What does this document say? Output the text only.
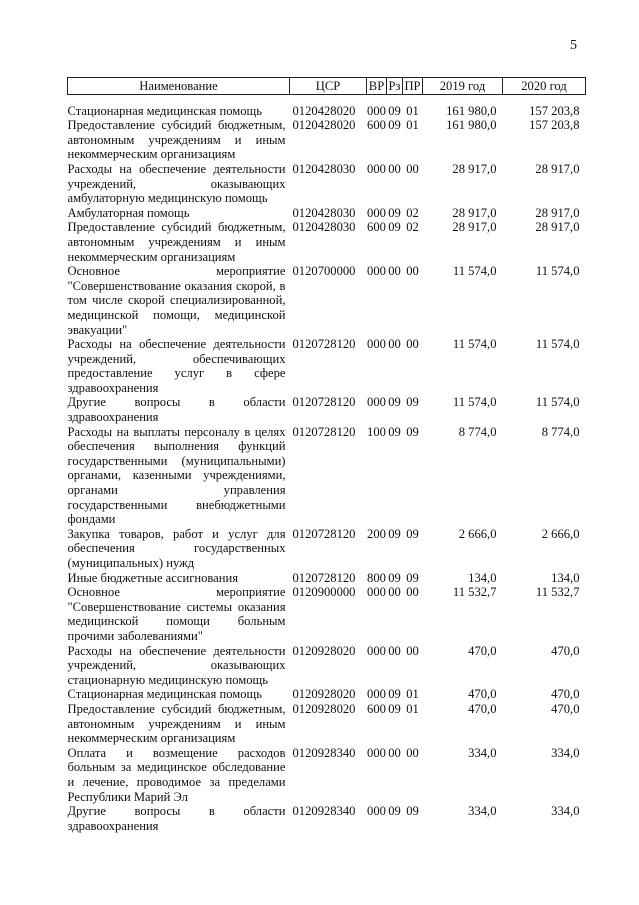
5
Наименование	ЦСР	ВР	Рз	ПР	2019 год	2020 год
Стационарная медицинская помощь	0120428020	000	09	01	161 980,0	157 203,8
Предоставление субсидий бюджетным, автономным учреждениям и иным некоммерческим организациям	0120428020	600	09	01	161 980,0	157 203,8
Расходы на обеспечение деятельности учреждений, оказывающих амбулаторную медицинскую помощь	0120428030	000	00	00	28 917,0	28 917,0
Амбулаторная помощь	0120428030	000	09	02	28 917,0	28 917,0
Предоставление субсидий бюджетным, автономным учреждениям и иным некоммерческим организациям	0120428030	600	09	02	28 917,0	28 917,0
Основное мероприятие "Совершенствование оказания скорой, в том числе скорой специализированной, медицинской помощи, медицинской эвакуации"	0120700000	000	00	00	11 574,0	11 574,0
Расходы на обеспечение деятельности учреждений, обеспечивающих предоставление услуг в сфере здравоохранения	0120728120	000	00	00	11 574,0	11 574,0
Другие вопросы в области здравоохранения	0120728120	000	09	09	11 574,0	11 574,0
Расходы на выплаты персоналу в целях обеспечения выполнения функций государственными (муниципальными) органами, казенными учреждениями, органами управления государственными внебюджетными фондами	0120728120	100	09	09	8 774,0	8 774,0
Закупка товаров, работ и услуг для обеспечения государственных (муниципальных) нужд	0120728120	200	09	09	2 666,0	2 666,0
Иные бюджетные ассигнования	0120728120	800	09	09	134,0	134,0
Основное мероприятие "Совершенствование системы оказания медицинской помощи больным прочими заболеваниями"	0120900000	000	00	00	11 532,7	11 532,7
Расходы на обеспечение деятельности учреждений, оказывающих стационарную медицинскую помощь	0120928020	000	00	00	470,0	470,0
Стационарная медицинская помощь	0120928020	000	09	01	470,0	470,0
Предоставление субсидий бюджетным, автономным учреждениям и иным некоммерческим организациям	0120928020	600	09	01	470,0	470,0
Оплата и возмещение расходов больным за медицинское обследование и лечение, проводимое за пределами Республики Марий Эл	0120928340	000	00	00	334,0	334,0
Другие вопросы в области здравоохранения	0120928340	000	09	09	334,0	334,0
